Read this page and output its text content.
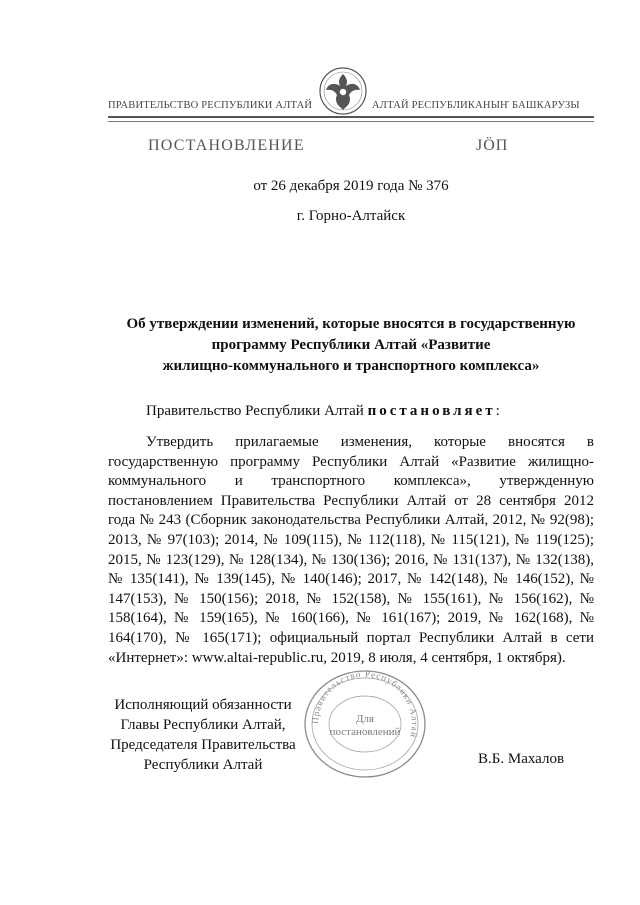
ПРАВИТЕЛЬСТВО РЕСПУБЛИКИ АЛТАЙ	АЛТАЙ РЕСПУБЛИКАНЫҤ БАШКАРУЗЫ
ПОСТАНОВЛЕНИЕ	JӦП
от 26 декабря 2019 года № 376
г. Горно-Алтайск
Об утверждении изменений, которые вносятся в государственную
программу Республики Алтай «Развитие
жилищно-коммунального и транспортного комплекса»
Правительство Республики Алтай постановляет:
Утвердить прилагаемые изменения, которые вносятся в государственную программу Республики Алтай «Развитие жилищно-коммунального и транспортного комплекса», утвержденную постановлением Правительства Республики Алтай от 28 сентября 2012 года № 243 (Сборник законодательства Республики Алтай, 2012, № 92(98); 2013, № 97(103); 2014, № 109(115), № 112(118), № 115(121), № 119(125); 2015, № 123(129), № 128(134), № 130(136); 2016, № 131(137), № 132(138), № 135(141), № 139(145), № 140(146); 2017, № 142(148), № 146(152), № 147(153), № 150(156); 2018, № 152(158), № 155(161), № 156(162), № 158(164), № 159(165), № 160(166), № 161(167); 2019, № 162(168), № 164(170), № 165(171); официальный портал Республики Алтай в сети «Интернет»: www.altai-republic.ru, 2019, 8 июля, 4 сентября, 1 октября).
Правительство Республики Алтай
Для
постановлений
Исполняющий обязанности
Главы Республики Алтай,
Председателя Правительства
Республики Алтай	В.Б. Махалов
